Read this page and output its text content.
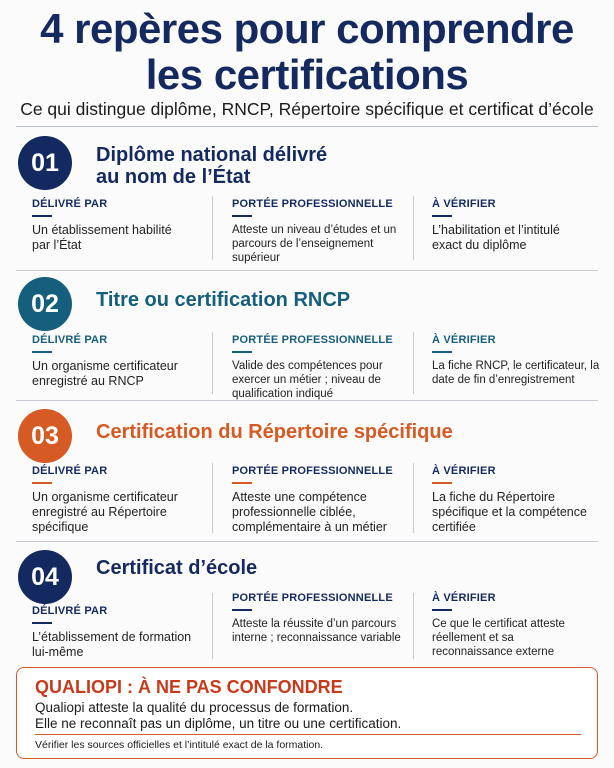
4 repères pour comprendre
les certifications
Ce qui distingue diplôme, RNCP, Répertoire spécifique et certificat d’école
01	Diplôme national délivré
au nom de l’État
DÉLIVRÉ PAR
Un établissement habilité par l’État
PORTÉE PROFESSIONNELLE
Atteste un niveau d’études et un parcours de l’enseignement supérieur
À VÉRIFIER
L’habilitation et l’intitulé exact du diplôme
02	Titre ou certification RNCP
DÉLIVRÉ PAR
Un organisme certificateur enregistré au RNCP
PORTÉE PROFESSIONNELLE
Valide des compétences pour exercer un métier ; niveau de qualification indiqué
À VÉRIFIER
La fiche RNCP, le certificateur, la date de fin d’enregistrement
03	Certification du Répertoire spécifique
DÉLIVRÉ PAR
Un organisme certificateur enregistré au Répertoire spécifique
PORTÉE PROFESSIONNELLE
Atteste une compétence professionnelle ciblée, complémentaire à un métier
À VÉRIFIER
La fiche du Répertoire spécifique et la compétence certifiée
04	Certificat d’école
DÉLIVRÉ PAR
L’établissement de formation lui-même
PORTÉE PROFESSIONNELLE
Atteste la réussite d’un parcours interne ; reconnaissance variable
À VÉRIFIER
Ce que le certificat atteste réellement et sa reconnaissance externe
QUALIOPI : À NE PAS CONFONDRE
Qualiopi atteste la qualité du processus de formation.
Elle ne reconnaît pas un diplôme, un titre ou une certification.
Vérifier les sources officielles et l’intitulé exact de la formation.
